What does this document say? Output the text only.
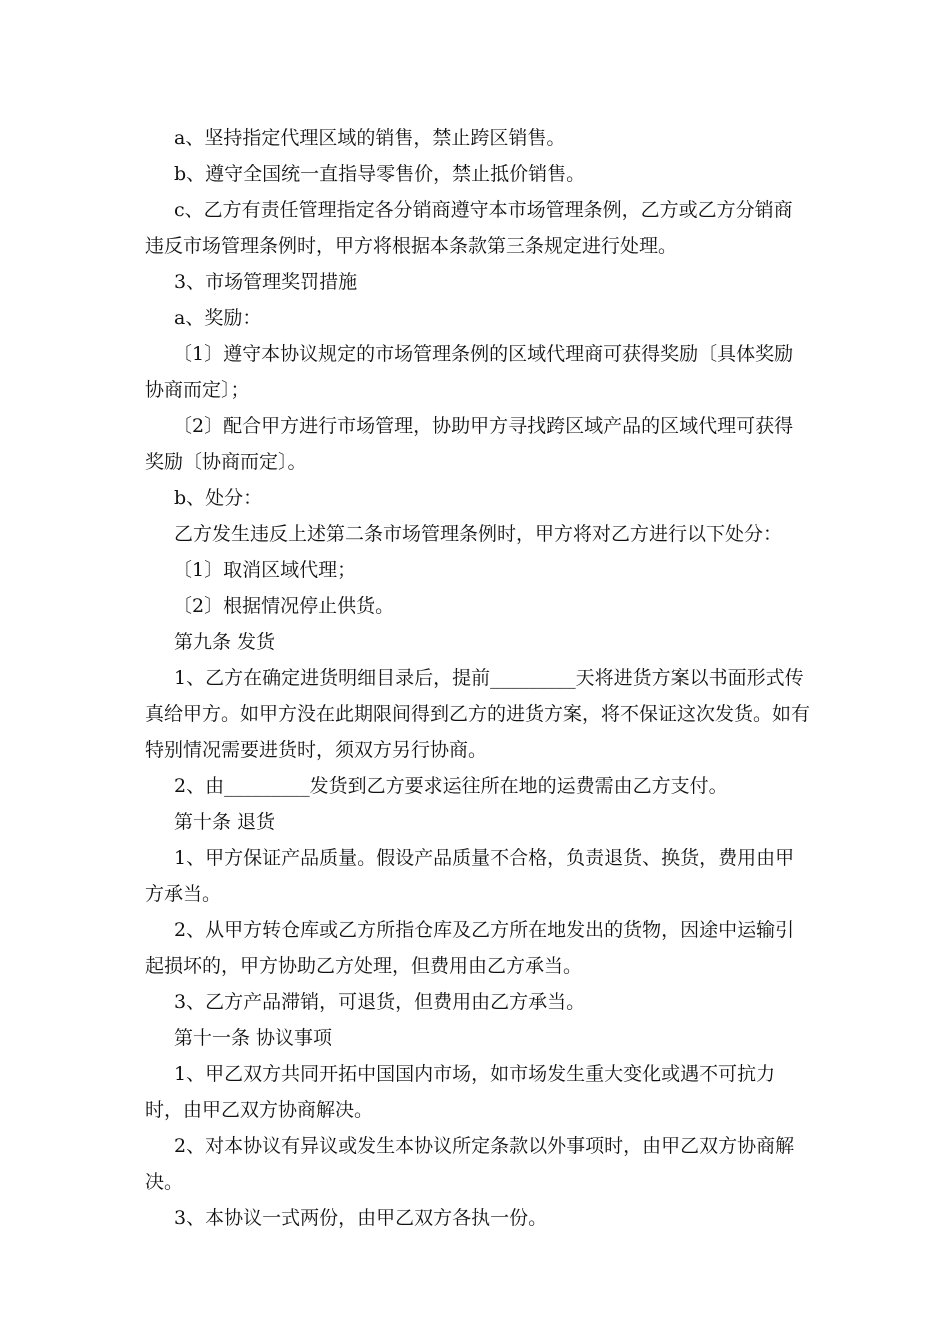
a、坚持指定代理区域的销售，禁止跨区销售。

b、遵守全国统一直指导零售价，禁止抵价销售。

c、乙方有责任管理指定各分销商遵守本市场管理条例，乙方或乙方分销商违反市场管理条例时，甲方将根据本条款第三条规定进行处理。

3、市场管理奖罚措施

a、奖励：

〔1〕遵守本协议规定的市场管理条例的区域代理商可获得奖励〔具体奖励协商而定〕；

〔2〕配合甲方进行市场管理，协助甲方寻找跨区域产品的区域代理可获得奖励〔协商而定〕。

b、处分：

乙方发生违反上述第二条市场管理条例时，甲方将对乙方进行以下处分：

〔1〕取消区域代理；

〔2〕根据情况停止供货。

第九条 发货

1、乙方在确定进货明细目录后，提前_________天将进货方案以书面形式传真给甲方。如甲方没在此期限间得到乙方的进货方案，将不保证这次发货。如有特别情况需要进货时，须双方另行协商。

2、由_________发货到乙方要求运往所在地的运费需由乙方支付。

第十条 退货

1、甲方保证产品质量。假设产品质量不合格，负责退货、换货，费用由甲方承当。

2、从甲方转仓库或乙方所指仓库及乙方所在地发出的货物，因途中运输引起损坏的，甲方协助乙方处理，但费用由乙方承当。

3、乙方产品滞销，可退货，但费用由乙方承当。

第十一条 协议事项

1、甲乙双方共同开拓中国国内市场，如市场发生重大变化或遇不可抗力时，由甲乙双方协商解决。

2、对本协议有异议或发生本协议所定条款以外事项时，由甲乙双方协商解决。

3、本协议一式两份，由甲乙双方各执一份。
